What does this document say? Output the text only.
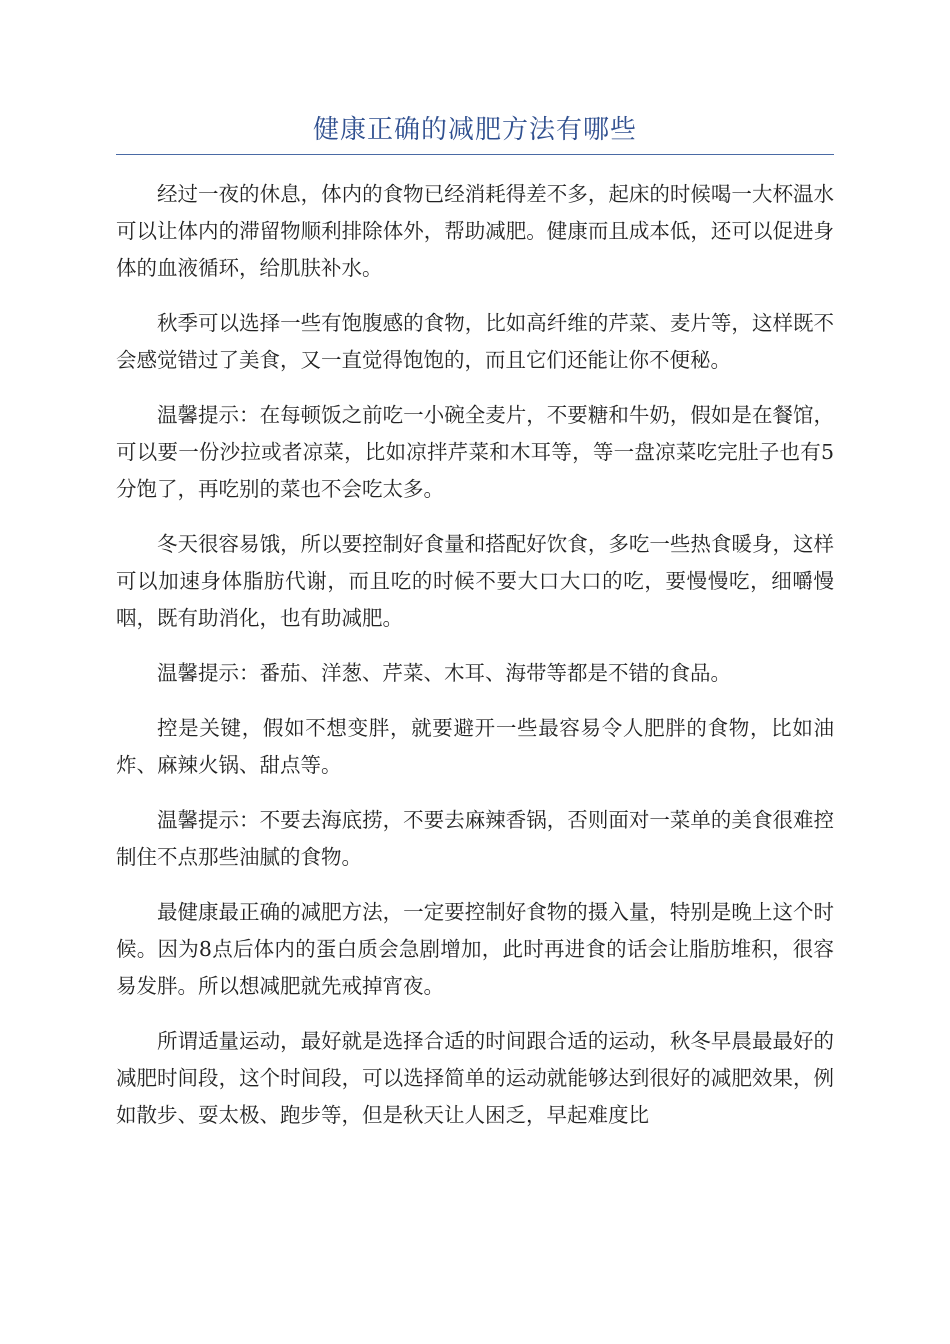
健康正确的减肥方法有哪些

经过一夜的休息，体内的食物已经消耗得差不多，起床的时候喝一大杯温水可以让体内的滞留物顺利排除体外，帮助减肥。健康而且成本低，还可以促进身体的血液循环，给肌肤补水。

秋季可以选择一些有饱腹感的食物，比如高纤维的芹菜、麦片等，这样既不会感觉错过了美食，又一直觉得饱饱的，而且它们还能让你不便秘。

温馨提示：在每顿饭之前吃一小碗全麦片，不要糖和牛奶，假如是在餐馆，可以要一份沙拉或者凉菜，比如凉拌芹菜和木耳等，等一盘凉菜吃完肚子也有5分饱了，再吃别的菜也不会吃太多。

冬天很容易饿，所以要控制好食量和搭配好饮食，多吃一些热食暖身，这样可以加速身体脂肪代谢，而且吃的时候不要大口大口的吃，要慢慢吃，细嚼慢咽，既有助消化，也有助减肥。

温馨提示：番茄、洋葱、芹菜、木耳、海带等都是不错的食品。

控是关键，假如不想变胖，就要避开一些最容易令人肥胖的食物，比如油炸、麻辣火锅、甜点等。

温馨提示：不要去海底捞，不要去麻辣香锅，否则面对一菜单的美食很难控制住不点那些油腻的食物。

最健康最正确的减肥方法，一定要控制好食物的摄入量，特别是晚上这个时候。因为8点后体内的蛋白质会急剧增加，此时再进食的话会让脂肪堆积，很容易发胖。所以想减肥就先戒掉宵夜。

所谓适量运动，最好就是选择合适的时间跟合适的运动，秋冬早晨最最好的减肥时间段，这个时间段，可以选择简单的运动就能够达到很好的减肥效果，例如散步、耍太极、跑步等，但是秋天让人困乏，早起难度比
